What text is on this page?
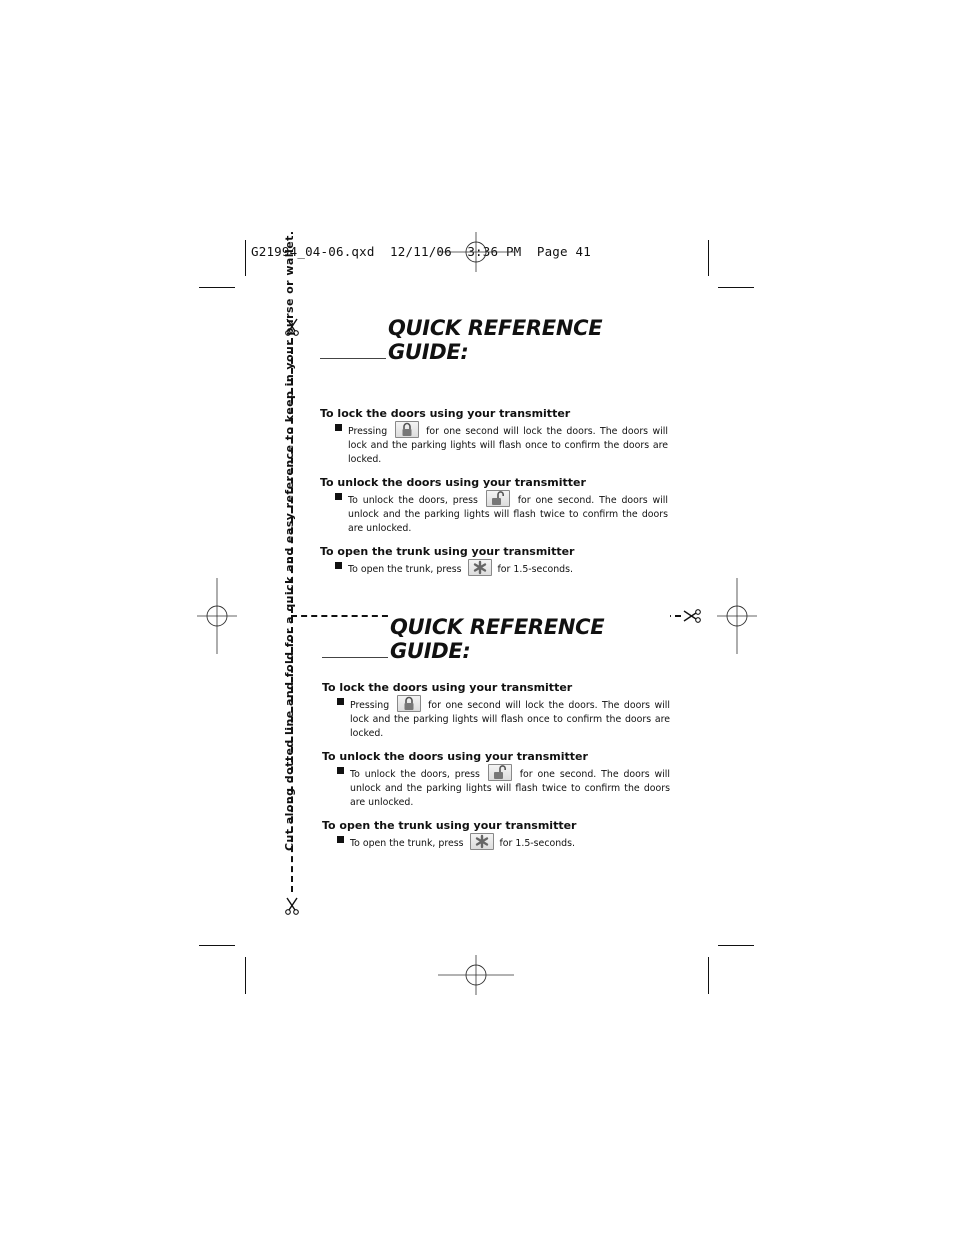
G21994_04-06.qxd  12/11/06  3:36 PM  Page 41
Cut along dotted line and fold for a quick and easy reference to keep in your purse or wallet.	QUICK REFERENCE GUIDE:
To lock the doors using your transmitter
Pressing	for one second will lock the doors. The doors will lock and the parking lights will flash once to confirm the doors are locked.
To unlock the doors using your transmitter
To unlock the doors, press	for one second. The doors will unlock and the parking lights will flash twice to confirm the doors are unlocked.
To open the trunk using your transmitter
To open the trunk, press	for 1.5-seconds.
QUICK REFERENCE GUIDE:
To lock the doors using your transmitter
Pressing	for one second will lock the doors. The doors will lock and the parking lights will flash once to confirm the doors are locked.
To unlock the doors using your transmitter
To unlock the doors, press	for one second. The doors will unlock and the parking lights will flash twice to confirm the doors are unlocked.
To open the trunk using your transmitter
To open the trunk, press	for 1.5-seconds.
